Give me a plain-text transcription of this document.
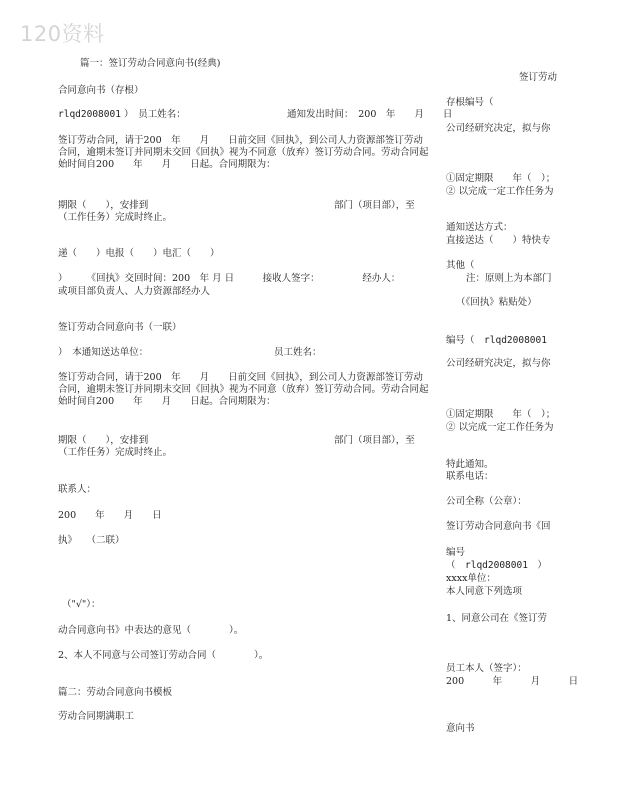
120资料
篇一：签订劳动合同意向书(经典)
签订劳动
存根编号（
公司经研究决定，拟与你
①固定期限　　年（　）；
② 以完成一定工作任务为
通知送达方式：
直接送达（　　）特快专
其他（
注：原则上为本部门
（《回执》粘贴处）
编号（　 rlqd2008001
公司经研究决定，拟与你
①固定期限　　年（　）；
② 以完成一定工作任务为
特此通知。
联系电话：
公司全称（公章）：
签订劳动合同意向书《回
编号
（　rlqd2008001　）
xxxx单位：
本人同意下列选项
1、同意公司在《签订劳
员工本人（签字）：
200　　　年　　　月　　　日
意向书
合同意向书（存根）
rlqd2008001 ）　员工姓名：	通知发出时间：　200　年　　月　　日
签订劳动合同，请于200　年　　月　　日前交回《回执》，到公司人力资源部签订劳动合同，逾期未签订并同期未交回《回执》视为不同意（放弃）签订劳动合同。劳动合同起始时间自200　　年　　月　　日起。合同期限为：
期限（　　），安排到	部门（项目部），至
（工作任务）完成时终止。
递（　　）电报（　　）电汇（　　）
）　　　《回执》交回时间：200　年 月 日　　　接收人签字：　　　　　经办人：
或项目部负责人、人力资源部经办人
签订劳动合同意向书（一联）
）　本通知送达单位：	员工姓名：
签订劳动合同，请于200　年　　月　　日前交回《回执》，到公司人力资源部签订劳动合同，逾期未签订并同期未交回《回执》视为不同意（放弃）签订劳动合同。劳动合同起始时间自200　　年　　月　　日起。合同期限为：
期限（　　），安排到	部门（项目部），至
（工作任务）完成时终止。
联系人：
200　　年　　月　　日
执》　　（二联）
（"√"）：
动合同意向书》中表达的意见（　　　　）。
2、本人不同意与公司签订劳动合同（　　　　）。
篇二：劳动合同意向书模板
劳动合同期满职工
